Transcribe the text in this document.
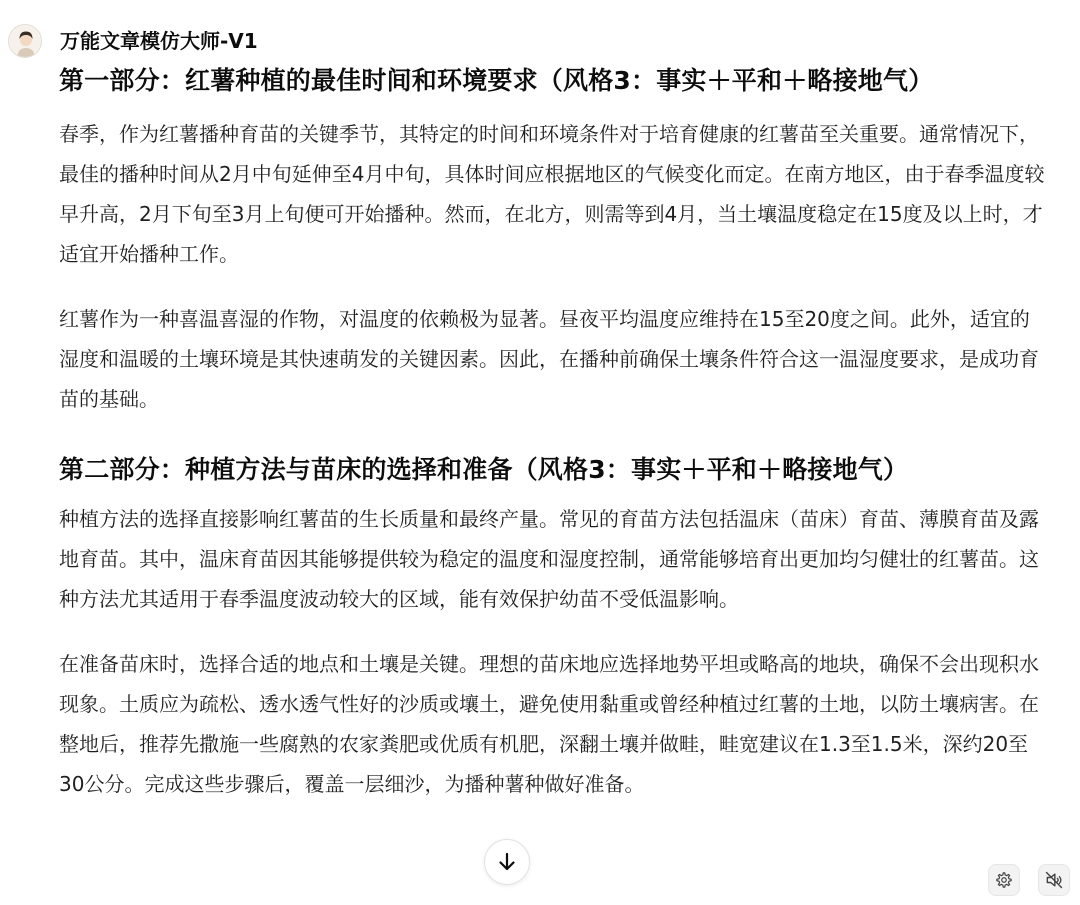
万能文章模仿大师-V1
第一部分：红薯种植的最佳时间和环境要求（风格3：事实＋平和＋略接地气）

春季，作为红薯播种育苗的关键季节，其特定的时间和环境条件对于培育健康的红薯苗至关重要。通常情况下，最佳的播种时间从2月中旬延伸至4月中旬，具体时间应根据地区的气候变化而定。在南方地区，由于春季温度较早升高，2月下旬至3月上旬便可开始播种。然而，在北方，则需等到4月，当土壤温度稳定在15度及以上时，才适宜开始播种工作。

红薯作为一种喜温喜湿的作物，对温度的依赖极为显著。昼夜平均温度应维持在15至20度之间。此外，适宜的湿度和温暖的土壤环境是其快速萌发的关键因素。因此，在播种前确保土壤条件符合这一温湿度要求，是成功育苗的基础。

第二部分：种植方法与苗床的选择和准备（风格3：事实＋平和＋略接地气）

种植方法的选择直接影响红薯苗的生长质量和最终产量。常见的育苗方法包括温床（苗床）育苗、薄膜育苗及露地育苗。其中，温床育苗因其能够提供较为稳定的温度和湿度控制，通常能够培育出更加均匀健壮的红薯苗。这种方法尤其适用于春季温度波动较大的区域，能有效保护幼苗不受低温影响。

在准备苗床时，选择合适的地点和土壤是关键。理想的苗床地应选择地势平坦或略高的地块，确保不会出现积水现象。土质应为疏松、透水透气性好的沙质或壤土，避免使用黏重或曾经种植过红薯的土地，以防土壤病害。在整地后，推荐先撒施一些腐熟的农家粪肥或优质有机肥，深翻土壤并做畦，畦宽建议在1.3至1.5米，深约20至30公分。完成这些步骤后，覆盖一层细沙，为播种薯种做好准备。
